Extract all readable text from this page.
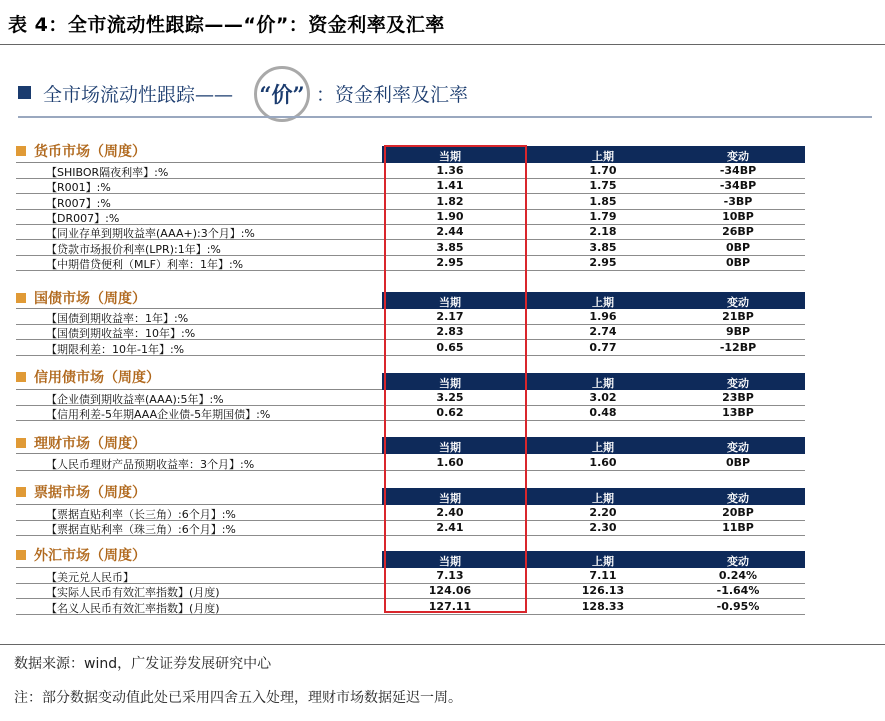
表 4：全市流动性跟踪——“价”：资金利率及汇率
全市场流动性跟踪—— “价” ：资金利率及汇率
货币市场（周度）	当期	上期	变动
【SHIBOR隔夜利率】:%	1.36	1.70	-34BP
【R001】:%	1.41	1.75	-34BP
【R007】:%	1.82	1.85	-3BP
【DR007】:%	1.90	1.79	10BP
【同业存单到期收益率(AAA+):3个月】:%	2.44	2.18	26BP
【贷款市场报价利率(LPR):1年】:%	3.85	3.85	0BP
【中期借贷便利（MLF）利率：1年】:%	2.95	2.95	0BP
国债市场（周度）	当期	上期	变动
【国债到期收益率：1年】:%	2.17	1.96	21BP
【国债到期收益率：10年】:%	2.83	2.74	9BP
【期限利差：10年-1年】:%	0.65	0.77	-12BP
信用债市场（周度）	当期	上期	变动
【企业债到期收益率(AAA):5年】:%	3.25	3.02	23BP
【信用利差-5年期AAA企业债-5年期国债】:%	0.62	0.48	13BP
理财市场（周度）	当期	上期	变动
【人民币理财产品预期收益率：3个月】:%	1.60	1.60	0BP
票据市场（周度）	当期	上期	变动
【票据直贴利率（长三角）:6个月】:%	2.40	2.20	20BP
【票据直贴利率（珠三角）:6个月】:%	2.41	2.30	11BP
外汇市场（周度）	当期	上期	变动
【美元兑人民币】	7.13	7.11	0.24%
【实际人民币有效汇率指数】(月度)	124.06	126.13	-1.64%
【名义人民币有效汇率指数】(月度)	127.11	128.33	-0.95%
数据来源：wind，广发证券发展研究中心
注：部分数据变动值此处已采用四舍五入处理，理财市场数据延迟一周。
